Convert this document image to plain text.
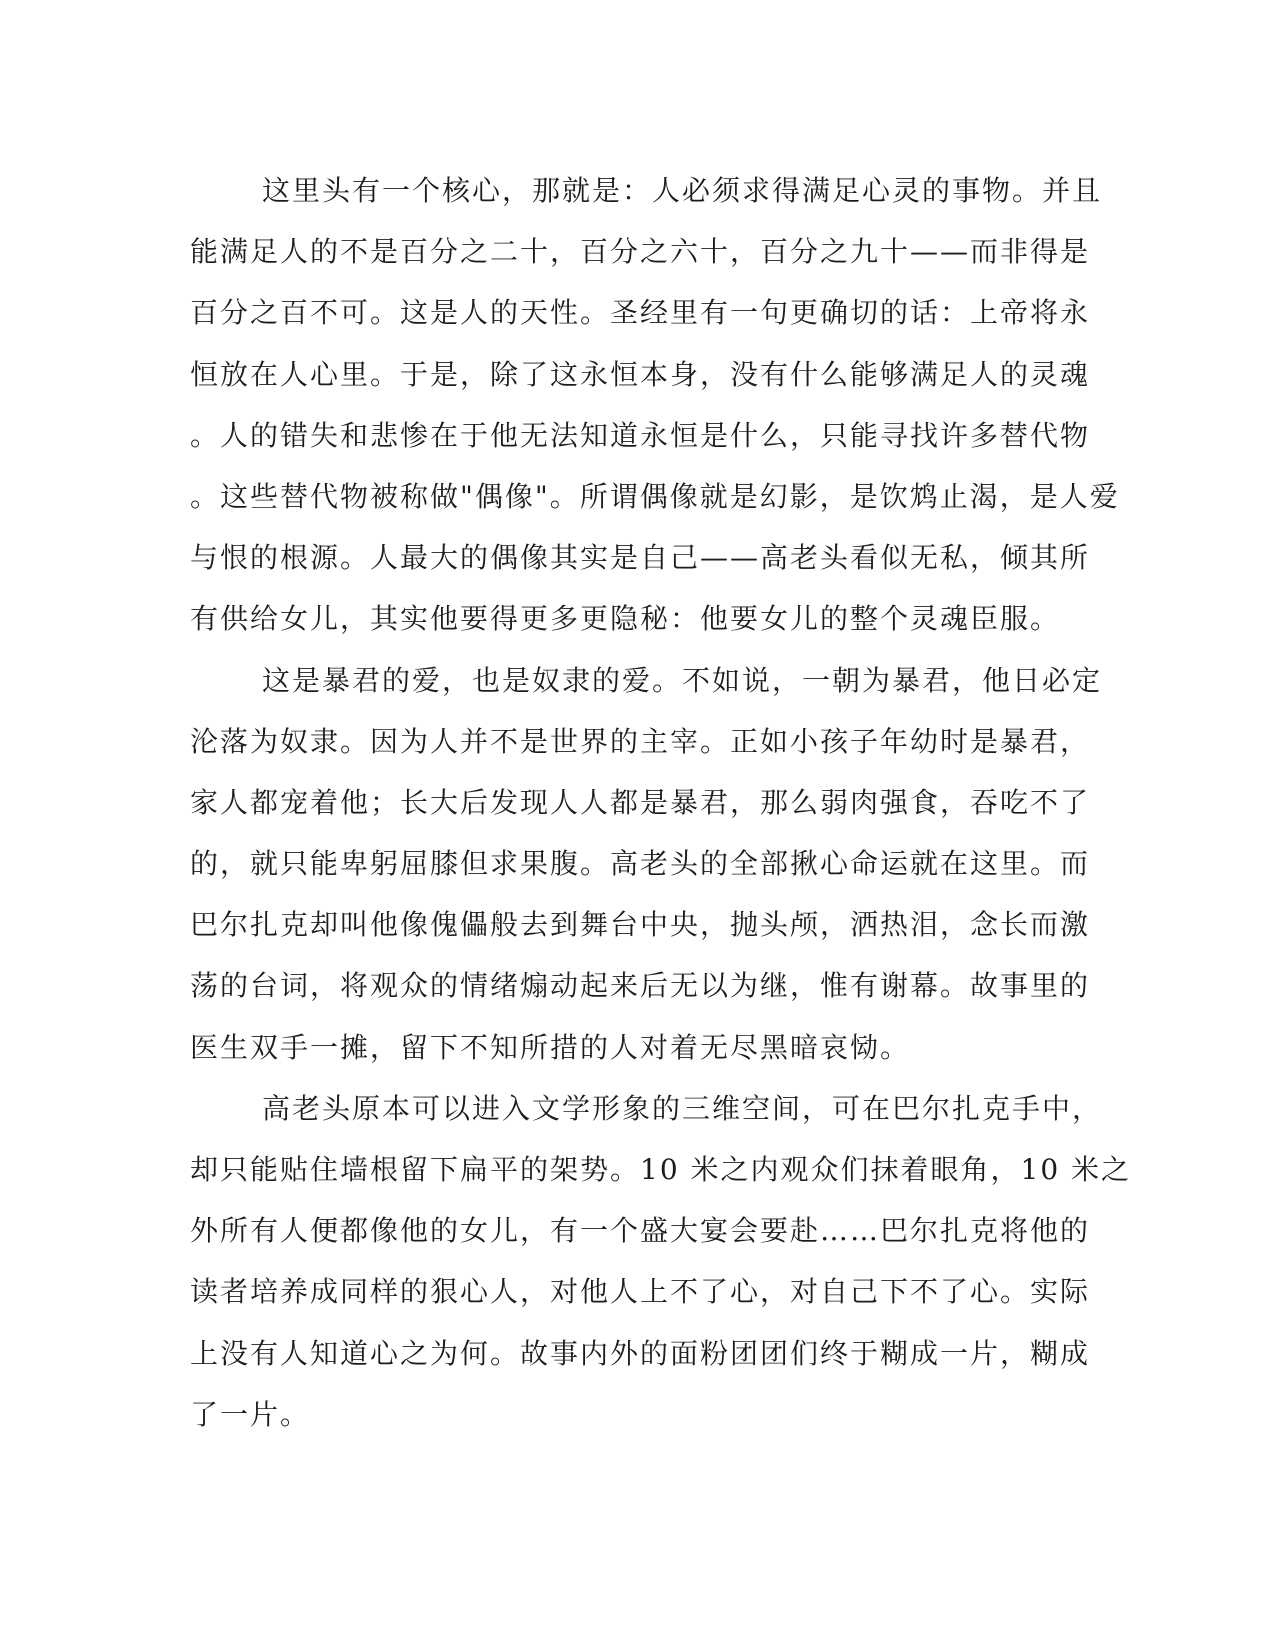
这里头有一个核心，那就是：人必须求得满足心灵的事物。并且
能满足人的不是百分之二十，百分之六十，百分之九十——而非得是
百分之百不可。这是人的天性。圣经里有一句更确切的话：上帝将永
恒放在人心里。于是，除了这永恒本身，没有什么能够满足人的灵魂
。人的错失和悲惨在于他无法知道永恒是什么，只能寻找许多替代物
。这些替代物被称做"偶像"。所谓偶像就是幻影，是饮鸩止渴，是人爱
与恨的根源。人最大的偶像其实是自己——高老头看似无私，倾其所
有供给女儿，其实他要得更多更隐秘：他要女儿的整个灵魂臣服。
这是暴君的爱，也是奴隶的爱。不如说，一朝为暴君，他日必定
沦落为奴隶。因为人并不是世界的主宰。正如小孩子年幼时是暴君，
家人都宠着他；长大后发现人人都是暴君，那么弱肉强食，吞吃不了
的，就只能卑躬屈膝但求果腹。高老头的全部揪心命运就在这里。而
巴尔扎克却叫他像傀儡般去到舞台中央，抛头颅，洒热泪，念长而激
荡的台词，将观众的情绪煽动起来后无以为继，惟有谢幕。故事里的
医生双手一摊，留下不知所措的人对着无尽黑暗哀恸。
高老头原本可以进入文学形象的三维空间，可在巴尔扎克手中，
却只能贴住墙根留下扁平的架势。10 米之内观众们抹着眼角，10 米之
外所有人便都像他的女儿，有一个盛大宴会要赴……巴尔扎克将他的
读者培养成同样的狠心人，对他人上不了心，对自己下不了心。实际
上没有人知道心之为何。故事内外的面粉团团们终于糊成一片，糊成
了一片。
